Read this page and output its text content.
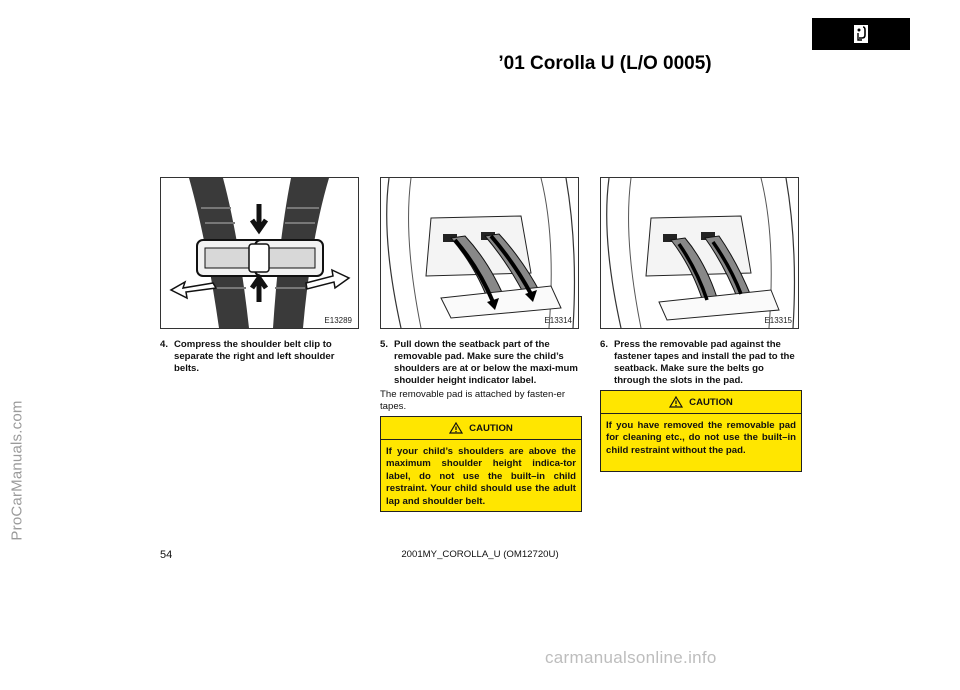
ProCarManuals.com
’01 Corolla U (L/O 0005)
E13289	E13314	E13315
4. Compress the shoulder belt clip to separate the right and left shoulder belts.
5. Pull down the seatback part of the removable pad. Make sure the child’s shoulders are at or below the maxi-mum shoulder height indicator label.
The removable pad is attached by fasten-er tapes.
CAUTION
If your child’s shoulders are above the maximum shoulder height indica-tor label, do not use the built–in child restraint. Your child should use the adult lap and shoulder belt.
6. Press the removable pad against the fastener tapes and install the pad to the seatback. Make sure the belts go through the slots in the pad.
CAUTION
If you have removed the removable pad for cleaning etc., do not use the built–in child restraint without the pad.
54	2001MY_COROLLA_U (OM12720U)
carmanualsonline.info
